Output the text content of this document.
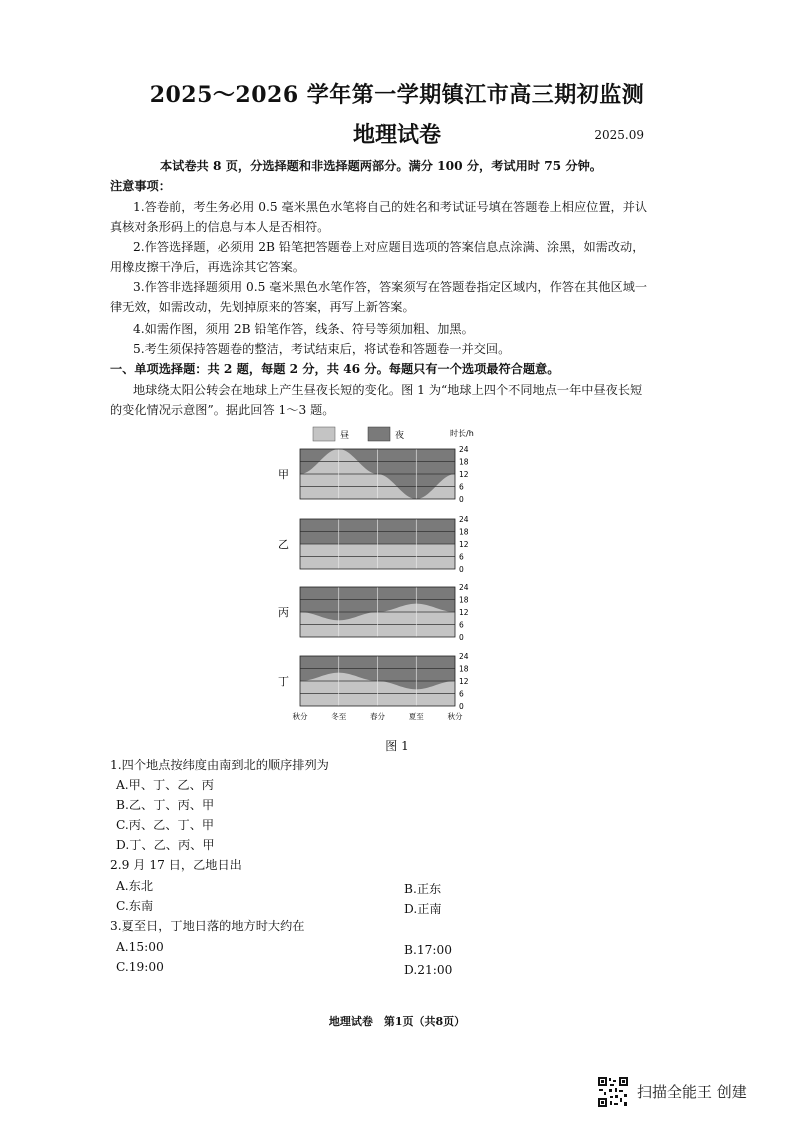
2025～2026 学年第一学期镇江市高三期初监测
地理试卷	2025.09
本试卷共 8 页，分选择题和非选择题两部分。满分 100 分，考试用时 75 分钟。
注意事项：
1.答卷前，考生务必用 0.5 毫米黑色水笔将自己的姓名和考试证号填在答题卷上相应位置，并认
真核对条形码上的信息与本人是否相符。
2.作答选择题，必须用 2B 铅笔把答题卷上对应题目选项的答案信息点涂满、涂黑，如需改动，
用橡皮擦干净后，再选涂其它答案。
3.作答非选择题须用 0.5 毫米黑色水笔作答，答案须写在答题卷指定区域内，作答在其他区域一
律无效，如需改动，先划掉原来的答案，再写上新答案。
4.如需作图，须用 2B 铅笔作答，线条、符号等须加粗、加黑。
5.考生须保持答题卷的整洁，考试结束后，将试卷和答题卷一并交回。
一、单项选择题：共 2 题，每题 2 分，共 46 分。每题只有一个选项最符合题意。
地球绕太阳公转会在地球上产生昼夜长短的变化。图 1 为“地球上四个不同地点一年中昼夜长短
的变化情况示意图”。据此回答 1～3 题。
昼	夜	时长/h
24
18
12
6
0
甲
24
18
12
6
0
乙
24
18
12
6
0
丙
24
18
12
6
0
丁
秋分	冬至	春分	夏至	秋分
图 1
1.四个地点按纬度由南到北的顺序排列为
A.甲、丁、乙、丙
B.乙、丁、丙、甲
C.丙、乙、丁、甲
D.丁、乙、丙、甲
2.9 月 17 日，乙地日出
A.东北	B.正东
C.东南	D.正南
3.夏至日，丁地日落的地方时大约在
A.15:00	B.17:00
C.19:00	D.21:00
地理试卷　第1页（共8页）
扫描全能王 创建
